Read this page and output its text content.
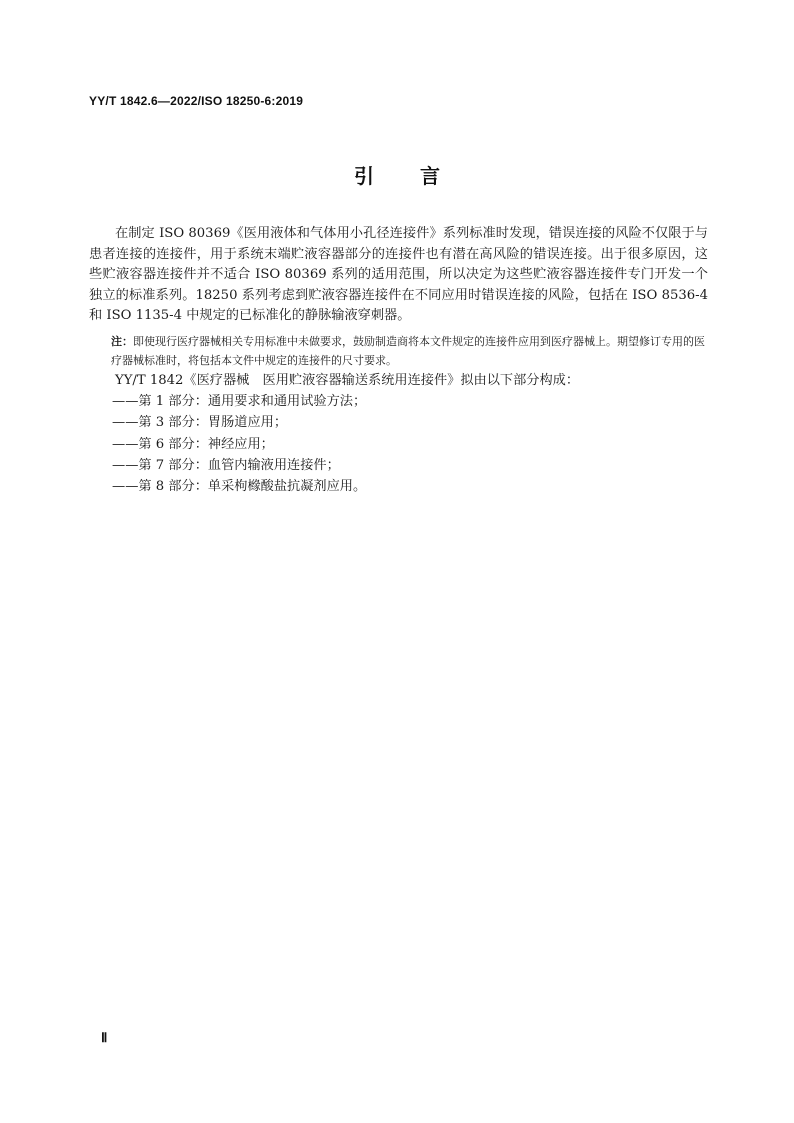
YY/T 1842.6—2022/ISO 18250-6:2019
引 言

在制定 ISO 80369《医用液体和气体用小孔径连接件》系列标准时发现，错误连接的风险不仅限于与患者连接的连接件，用于系统末端贮液容器部分的连接件也有潜在高风险的错误连接。出于很多原因，这些贮液容器连接件并不适合 ISO 80369 系列的适用范围，所以决定为这些贮液容器连接件专门开发一个独立的标准系列。18250 系列考虑到贮液容器连接件在不同应用时错误连接的风险，包括在 ISO 8536-4 和 ISO 1135-4 中规定的已标准化的静脉输液穿刺器。

注：即使现行医疗器械相关专用标准中未做要求，鼓励制造商将本文件规定的连接件应用到医疗器械上。期望修订专用的医疗器械标准时，将包括本文件中规定的连接件的尺寸要求。

YY/T 1842《医疗器械　医用贮液容器输送系统用连接件》拟由以下部分构成：
——第 1 部分：通用要求和通用试验方法；
——第 3 部分：胃肠道应用；
——第 6 部分：神经应用；
——第 7 部分：血管内输液用连接件；
——第 8 部分：单采枸橼酸盐抗凝剂应用。
Ⅱ
